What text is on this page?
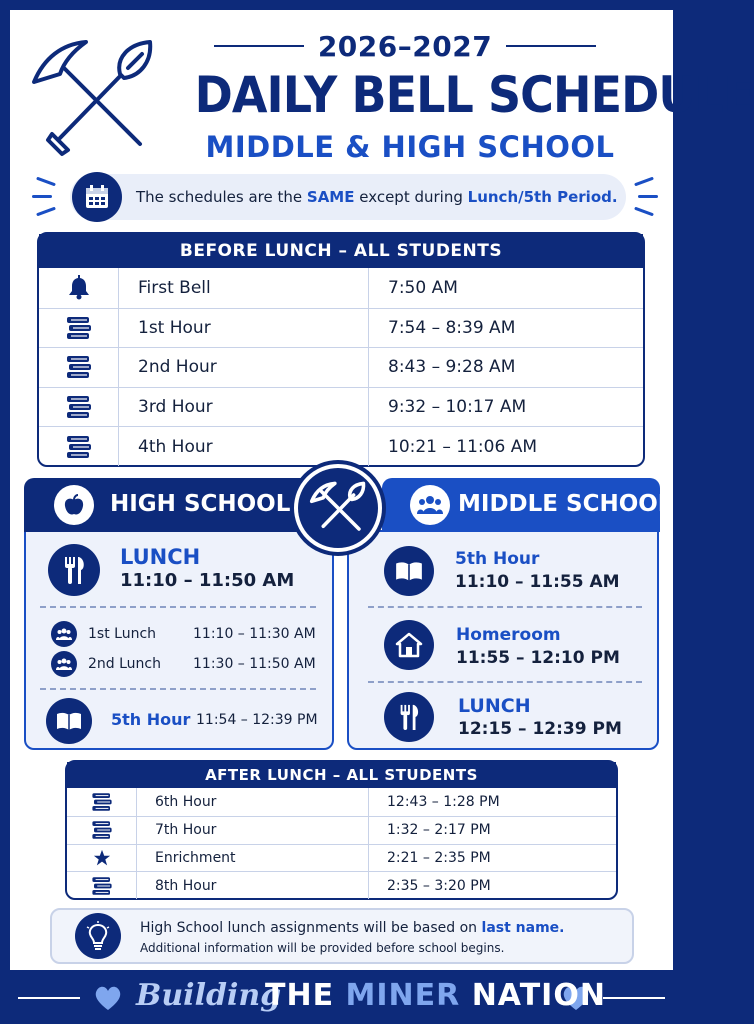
2026–2027
DAILY BELL SCHEDULE
MIDDLE & HIGH SCHOOL
The schedules are the SAME except during Lunch/5th Period.
BEFORE LUNCH – ALL STUDENTS
First Bell	7:50 AM
1st Hour	7:54 – 8:39 AM
2nd Hour	8:43 – 9:28 AM
3rd Hour	9:32 – 10:17 AM
4th Hour	10:21 – 11:06 AM
HIGH SCHOOL
LUNCH
11:10 – 11:50 AM
1st Lunch	11:10 – 11:30 AM
2nd Lunch 11:30 – 11:50 AM
5th Hour 11:54 – 12:39 PM
MIDDLE SCHOOL
5th Hour
11:10 – 11:55 AM
Homeroom
11:55 – 12:10 PM
LUNCH
12:15 – 12:39 PM
AFTER LUNCH – ALL STUDENTS
6th Hour	12:43 – 1:28 PM
7th Hour	1:32 – 2:17 PM
Enrichment	2:21 – 2:35 PM
8th Hour	2:35 – 3:20 PM
High School lunch assignments will be based on last name.
Additional information will be provided before school begins.
Building
THE MINER NATION
